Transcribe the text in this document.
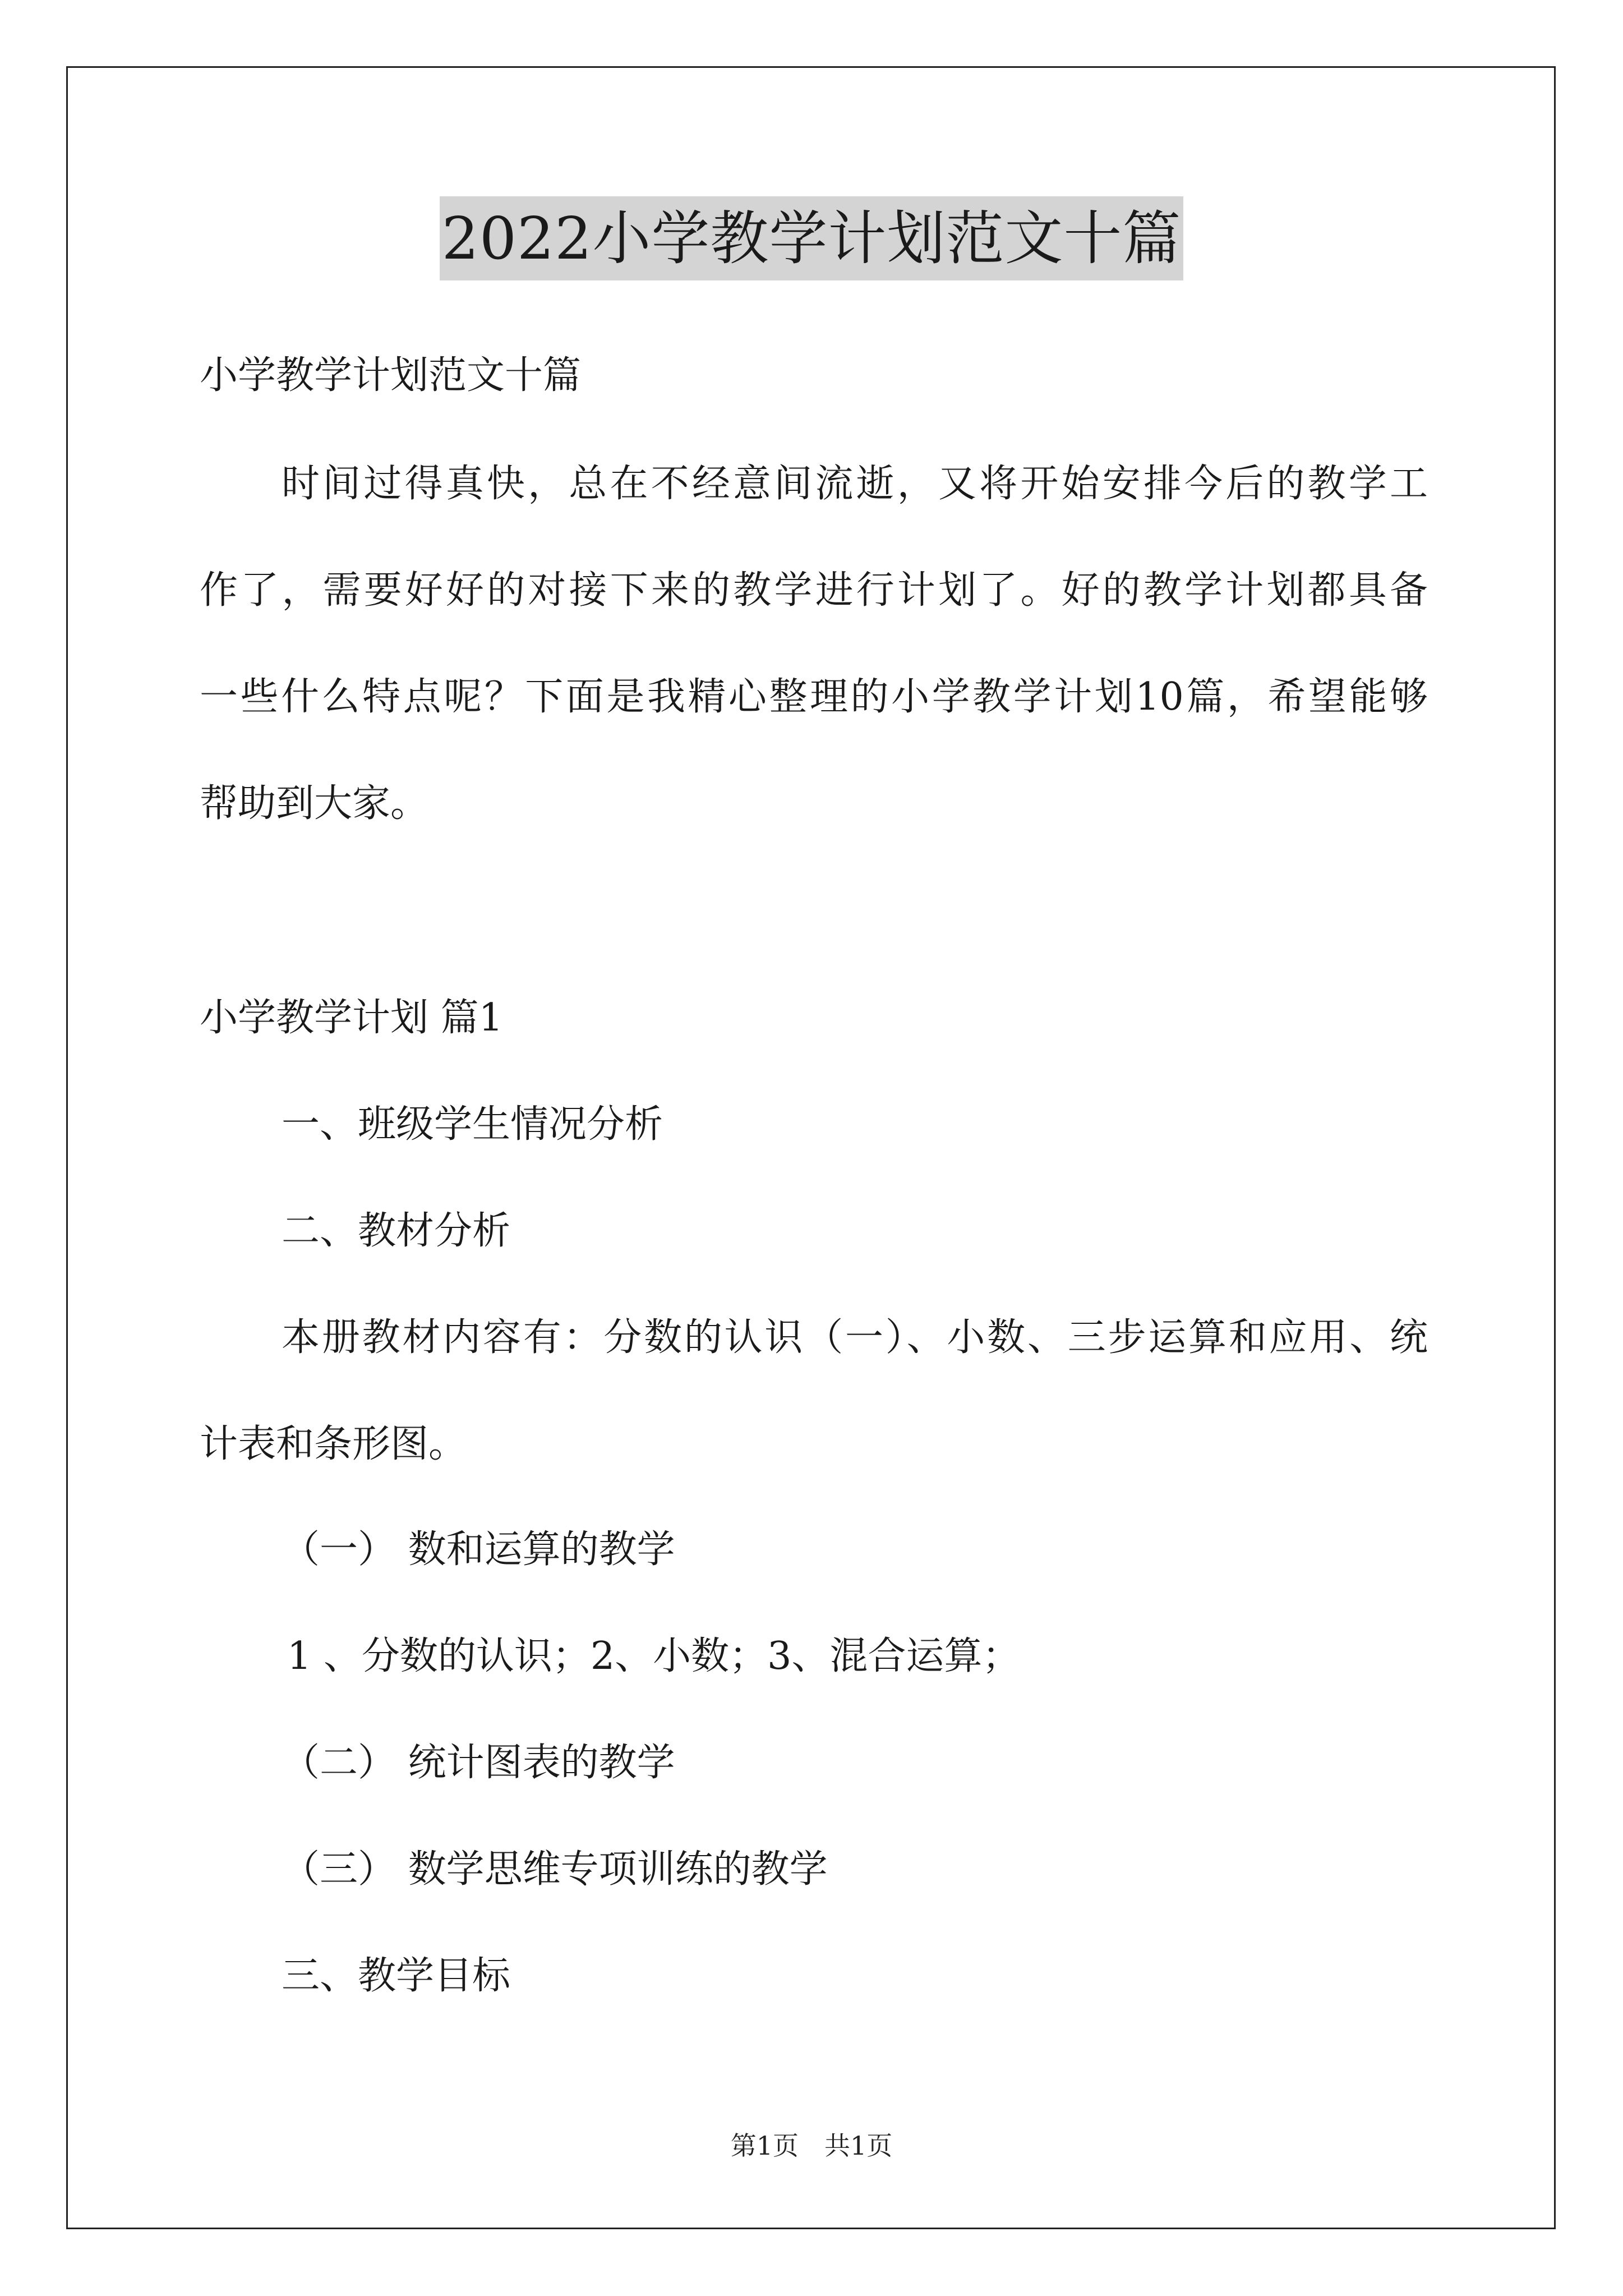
2022小学教学计划范文十篇
小学教学计划范文十篇
时间过得真快，总在不经意间流逝，又将开始安排今后的教学工
作了，需要好好的对接下来的教学进行计划了。好的教学计划都具备
一些什么特点呢？下面是我精心整理的小学教学计划10篇，希望能够
帮助到大家。
小学教学计划 篇1
一、班级学生情况分析
二、教材分析
本册教材内容有：分数的认识（一）、小数、三步运算和应用、统
计表和条形图。
（一） 数和运算的教学
1 、分数的认识；2、小数；3、混合运算；
（二） 统计图表的教学
（三） 数学思维专项训练的教学
三、教学目标
第1页 共1页
